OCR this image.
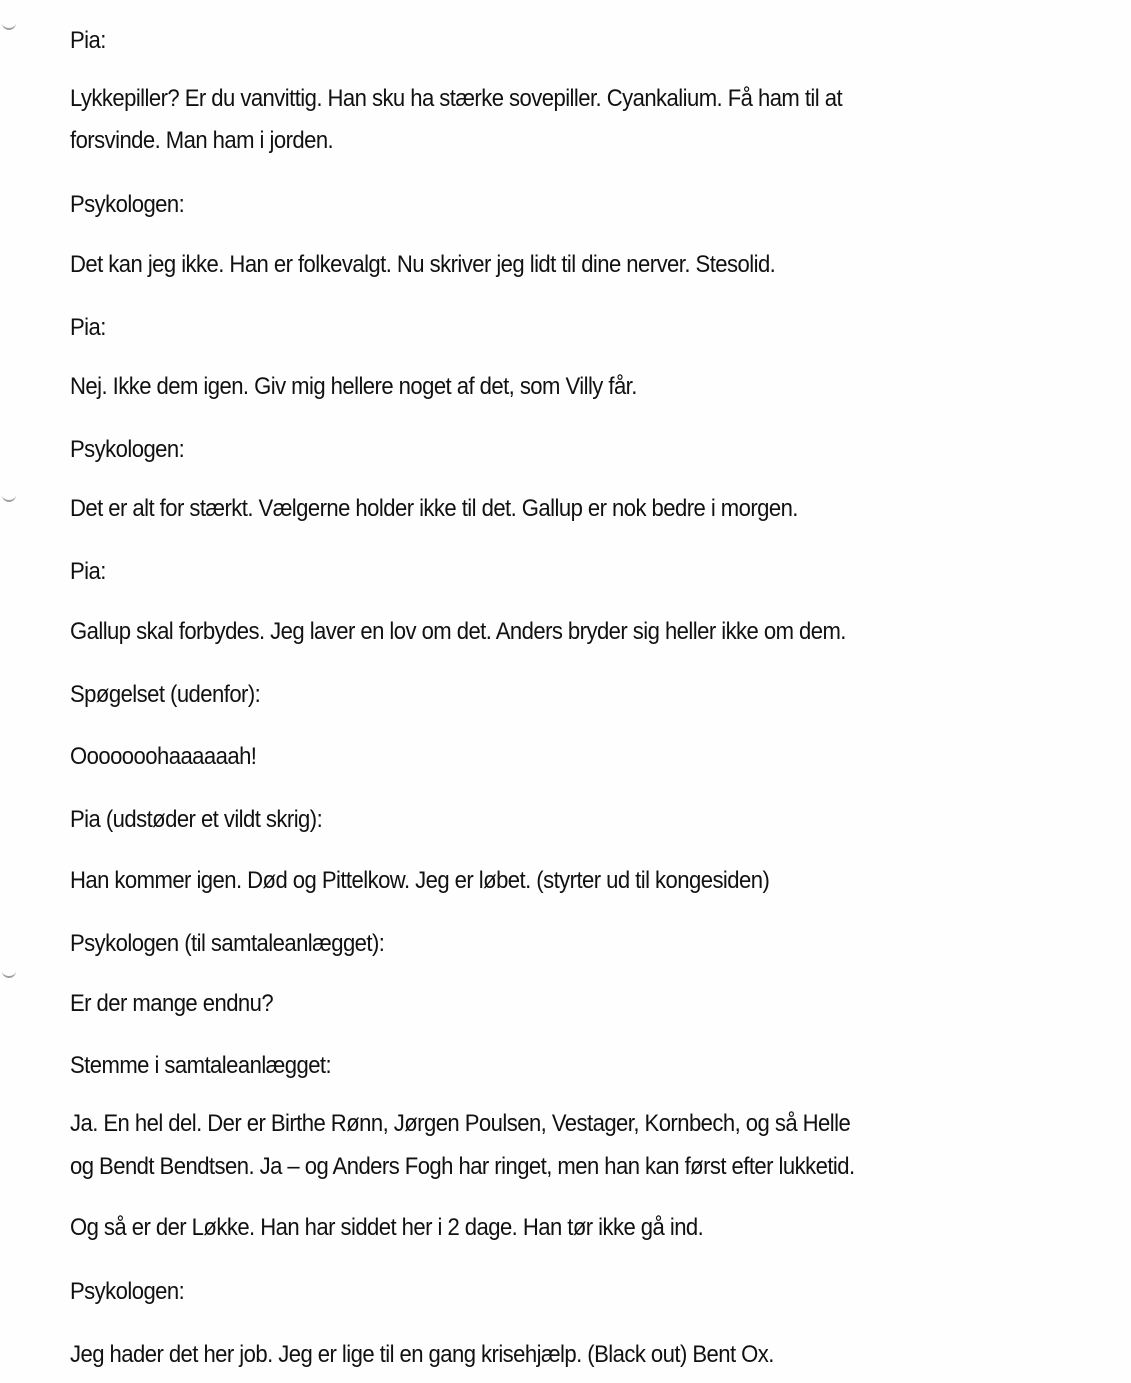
Pia:
Lykkepiller? Er du vanvittig. Han sku ha stærke sovepiller. Cyankalium. Få ham til at
forsvinde. Man ham i jorden.
Psykologen:
Det kan jeg ikke. Han er folkevalgt. Nu skriver jeg lidt til dine nerver. Stesolid.
Pia:
Nej. Ikke dem igen. Giv mig hellere noget af det, som Villy får.
Psykologen:
Det er alt for stærkt. Vælgerne holder ikke til det. Gallup er nok bedre i morgen.
Pia:
Gallup skal forbydes. Jeg laver en lov om det. Anders bryder sig heller ikke om dem.
Spøgelset (udenfor):
Ooooooohaaaaaah!
Pia (udstøder et vildt skrig):
Han kommer igen. Død og Pittelkow. Jeg er løbet. (styrter ud til kongesiden)
Psykologen (til samtaleanlægget):
Er der mange endnu?
Stemme i samtaleanlægget:
Ja. En hel del. Der er Birthe Rønn, Jørgen Poulsen, Vestager, Kornbech, og så Helle
og Bendt Bendtsen. Ja – og Anders Fogh har ringet, men han kan først efter lukketid.
Og så er der Løkke. Han har siddet her i 2 dage. Han tør ikke gå ind.
Psykologen:
Jeg hader det her job. Jeg er lige til en gang krisehjælp. (Black out) Bent Ox.
